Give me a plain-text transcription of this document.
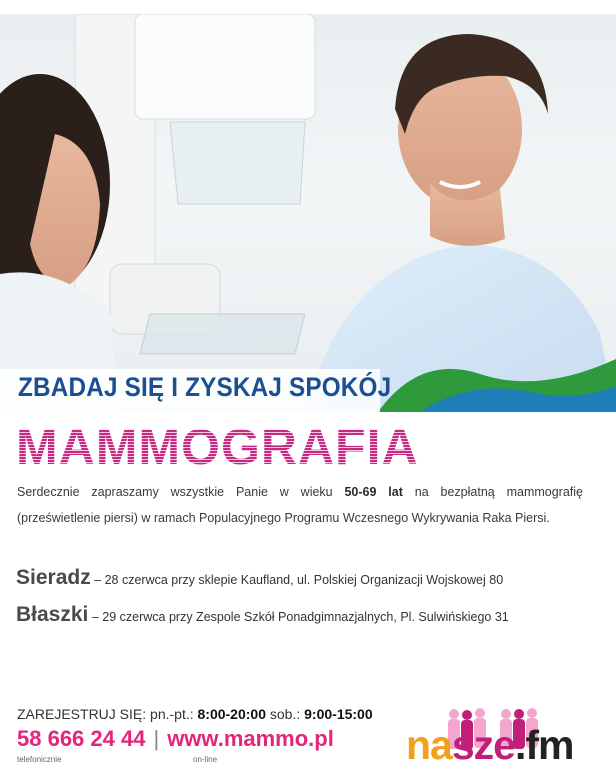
ZBADAJ SIĘ I ZYSKAJ SPOKÓJ
MAMMOGRAFIA
Serdecznie zapraszamy wszystkie Panie w wieku 50-69 lat na bezpłatną mammografię (prześwietlenie piersi) w ramach Populacyjnego Programu Wczesnego Wykrywania Raka Piersi.
Sieradz – 28 czerwca przy sklepie Kaufland, ul. Polskiej Organizacji Wojskowej 80
Błaszki – 29 czerwca przy Zespole Szkół Ponadgimnazjalnych, Pl. Sulwińskiego 31
ZAREJESTRUJ SIĘ: pn.-pt.: 8:00-20:00 sob.: 9:00-15:00
58 666 24 44 | www.mammo.pl
telefonicznie	on-line	nasze.fm
